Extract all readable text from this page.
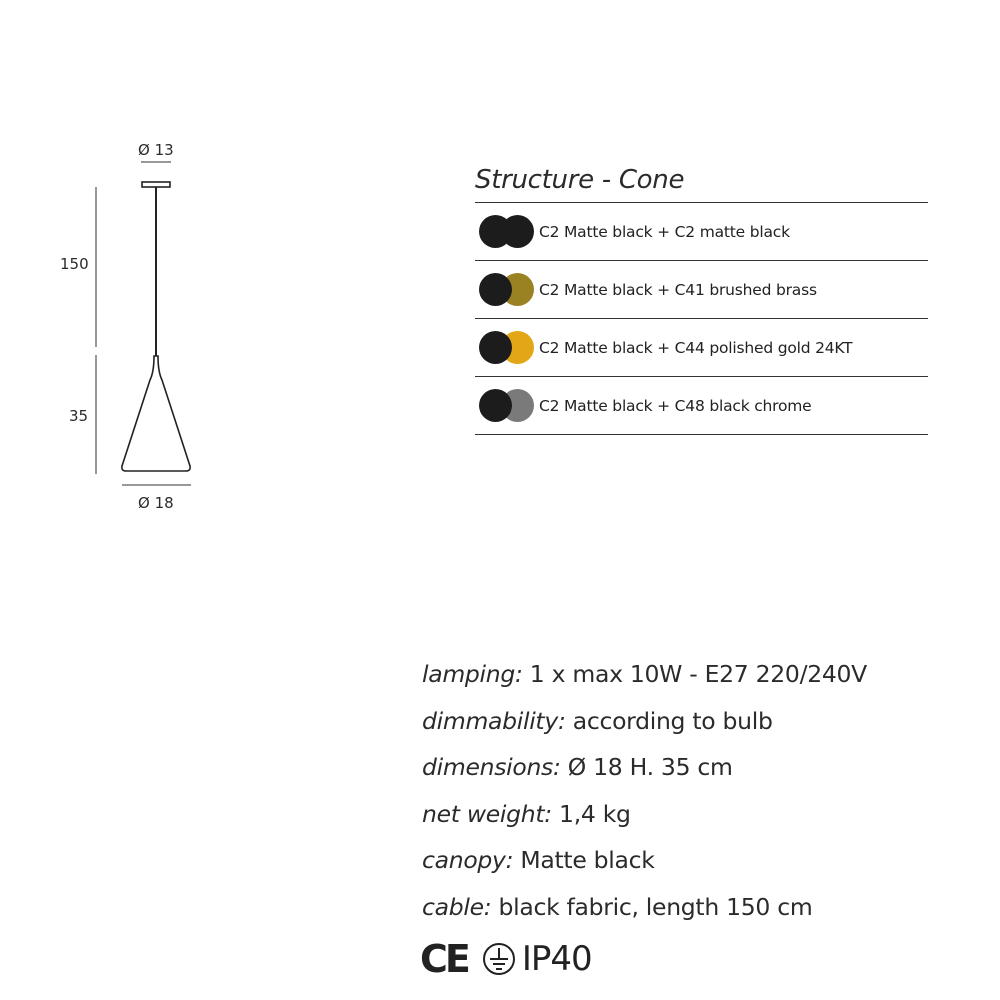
Ø 13
150
35
Ø 18
Structure - Cone
C2 Matte black + C2 matte black
C2 Matte black + C41 brushed brass
C2 Matte black + C44 polished gold 24KT
C2 Matte black + C48 black chrome
lamping: 1 x max 10W - E27 220/240V
dimmability: according to bulb
dimensions: Ø 18 H. 35 cm
net weight: 1,4 kg
canopy: Matte black
cable: black fabric, length 150 cm
CE IP40
